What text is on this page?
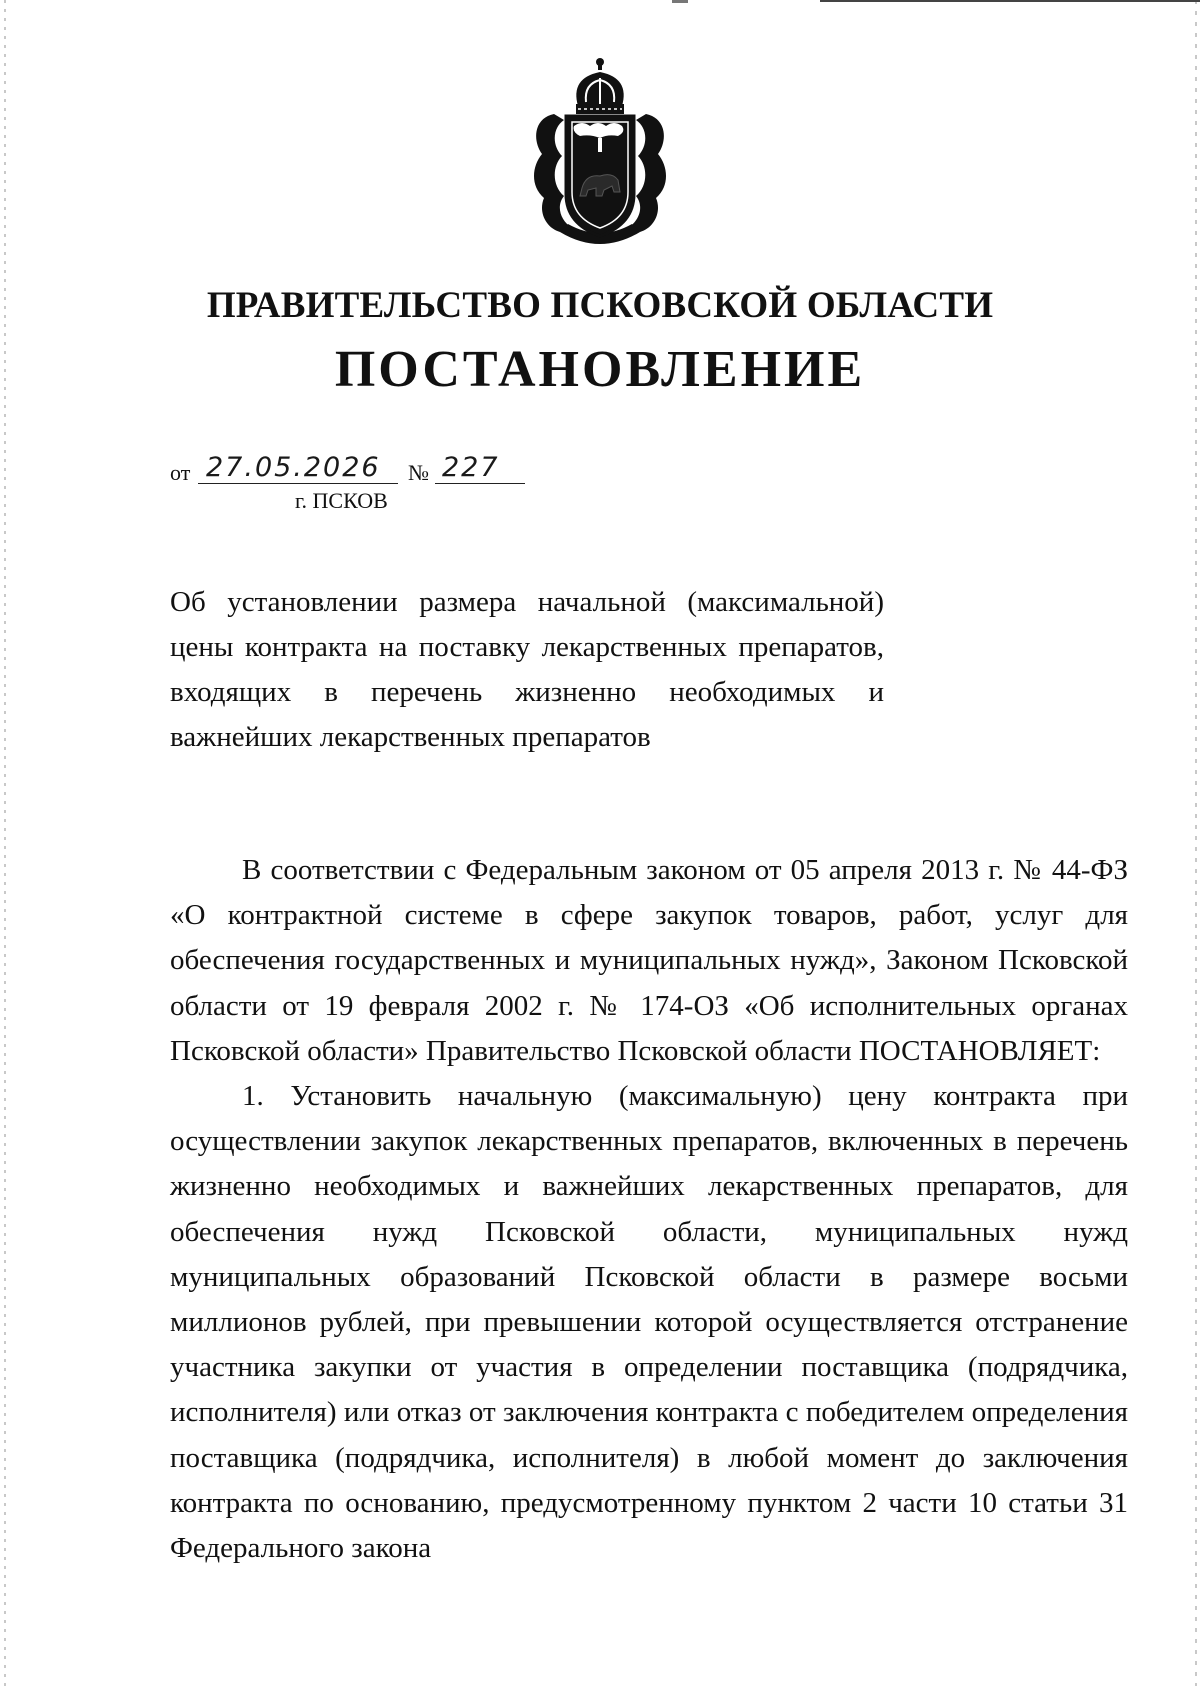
ПРАВИТЕЛЬСТВО ПСКОВСКОЙ ОБЛАСТИ
ПОСТАНОВЛЕНИЕ
от 27.05.2026 № 227
г. ПСКОВ

Об установлении размера начальной (максимальной) цены контракта на поставку лекарственных препаратов, входящих в перечень жизненно необходимых и важнейших лекарственных препаратов

В соответствии с Федеральным законом от 05 апреля 2013 г. № 44-ФЗ «О контрактной системе в сфере закупок товаров, работ, услуг для обеспечения государственных и муниципальных нужд», Законом Псковской области от 19 февраля 2002 г. № 174-ОЗ «Об исполнительных органах Псковской области» Правительство Псковской области ПОСТАНОВЛЯЕТ:

1. Установить начальную (максимальную) цену контракта при осуществлении закупок лекарственных препаратов, включенных в перечень жизненно необходимых и важнейших лекарственных препаратов, для обеспечения нужд Псковской области, муниципальных нужд муниципальных образований Псковской области в размере восьми миллионов рублей, при превышении которой осуществляется отстранение участника закупки от участия в определении поставщика (подрядчика, исполнителя) или отказ от заключения контракта с победителем определения поставщика (подрядчика, исполнителя) в любой момент до заключения контракта по основанию, предусмотренному пунктом 2 части 10 статьи 31 Федерального закона
